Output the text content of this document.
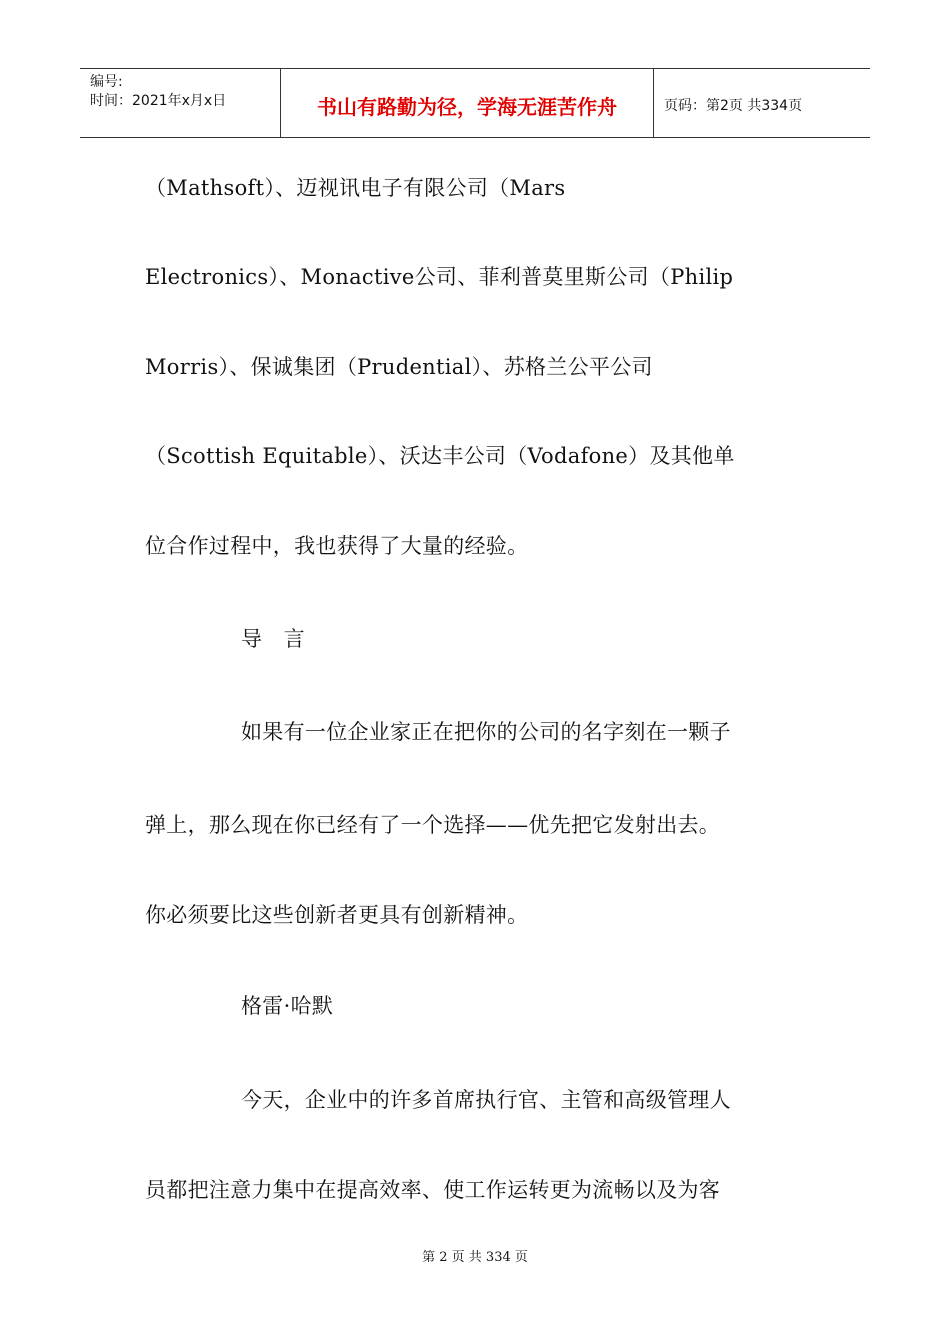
编号:
时间：2021年x月x日	书山有路勤为径，学海无涯苦作舟	页码：第2页 共334页
（Mathsoft）、迈视讯电子有限公司（Mars
Electronics）、Monactive公司、菲利普莫里斯公司（Philip
Morris）、保诚集团（Prudential）、苏格兰公平公司
（Scottish Equitable）、沃达丰公司（Vodafone）及其他单
位合作过程中，我也获得了大量的经验。
导　言
如果有一位企业家正在把你的公司的名字刻在一颗子
弹上，那么现在你已经有了一个选择——优先把它发射出去。
你必须要比这些创新者更具有创新精神。
格雷·哈默
今天，企业中的许多首席执行官、主管和高级管理人
员都把注意力集中在提高效率、使工作运转更为流畅以及为客
第 2 页 共 334 页
